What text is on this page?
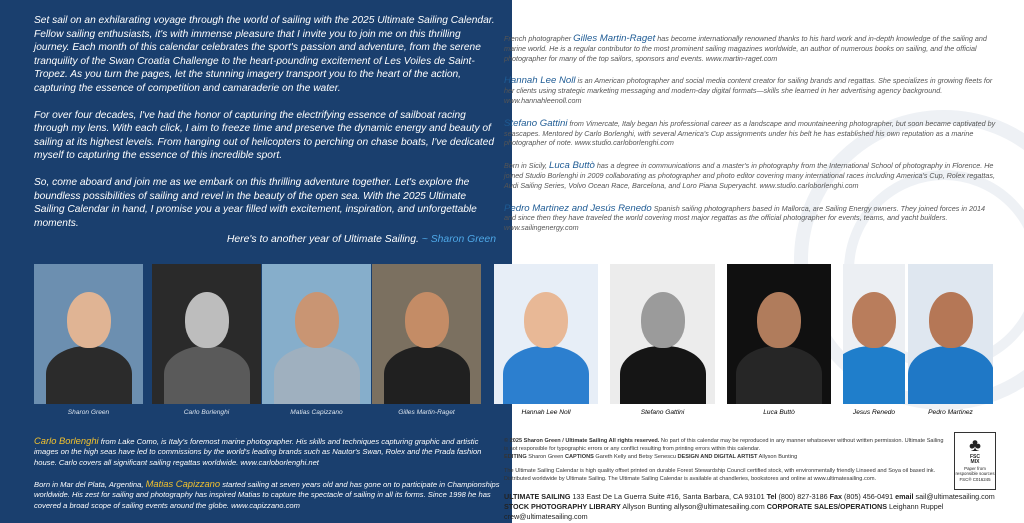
Set sail on an exhilarating voyage through the world of sailing with the 2025 Ultimate Sailing Calendar. Fellow sailing enthusiasts, it's with immense pleasure that I invite you to join me on this thrilling journey. Each month of this calendar celebrates the sport's passion and adventure, from the serene tranquility of the Swan Croatia Challenge to the heart-pounding excitement of Les Voiles de Saint-Tropez. As you turn the pages, let the stunning imagery transport you to the heart of the action, capturing the essence of competition and camaraderie on the water.

For over four decades, I've had the honor of capturing the electrifying essence of sailboat racing through my lens. With each click, I aim to freeze time and preserve the dynamic energy and beauty of sailing at its highest levels. From hanging out of helicopters to perching on chase boats, I've dedicated myself to capturing the essence of this incredible sport.

So, come aboard and join me as we embark on this thrilling adventure together. Let's explore the boundless possibilities of sailing and revel in the beauty of the open sea. With the 2025 Ultimate Sailing Calendar in hand, I promise you a year filled with excitement, inspiration, and unforgettable moments.

Here's to another year of Ultimate Sailing. ~ Sharon Green
Sharon Green	Carlo Borlenghi	Matias Capizzano	Gilles Martin-Raget
Carlo Borlenghi from Lake Como, is Italy's foremost marine photographer. His skills and techniques capturing graphic and artistic images on the high seas have led to commissions by the world's leading brands such as Nautor's Swan, Rolex and the Prada fashion house. Carlo covers all significant sailing regattas worldwide. www.carloborlenghi.net
Born in Mar del Plata, Argentina, Matias Capizzano started sailing at seven years old and has gone on to participate in Championships worldwide. His zest for sailing and photography has inspired Matias to capture the spectacle of sailing in all its forms. Since 1998 he has covered a broad scope of sailing events around the globe. www.capizzano.com
French photographer Gilles Martin-Raget has become internationally renowned thanks to his hard work and in-depth knowledge of the sailing and marine world. He is a regular contributor to the most prominent sailing magazines worldwide, an author of numerous books on sailing, and the official photographer for many of the top sailors, sponsors and events. www.martin-raget.com
Hannah Lee Noll is an American photographer and social media content creator for sailing brands and regattas. She specializes in growing fleets for her clients using strategic marketing messaging and modern-day digital formats—skills she learned in her advertising agency background. www.hannahleenoll.com
Stefano Gattini from Vimercate, Italy began his professional career as a landscape and mountaineering photographer, but soon became captivated by seascapes. Mentored by Carlo Borlenghi, with several America's Cup assignments under his belt he has established his own reputation as a marine photographer of note. www.studio.carloborlenghi.com
Born in Sicily, Luca Buttò has a degree in communications and a master's in photography from the International School of photography in Florence. He joined Studio Borlenghi in 2009 collaborating as photographer and photo editor covering many international races including America's Cup, Rolex regattas, Audi Sailing Series, Volvo Ocean Race, Barcelona, and Loro Piana Superyacht. www.studio.carloborlenghi.com
Pedro Martinez and Jesús Renedo Spanish sailing photographers based in Mallorca, are Sailing Energy owners. They joined forces in 2014 and since then they have traveled the world covering most major regattas as the official photographer for events, teams, and yacht builders. www.sailingenergy.com
Hannah Lee Noll	Stefano Gattini	Luca Buttò	Jesus Renedo	Pedro Martinez
© 2025 Sharon Green / Ultimate Sailing All rights reserved. No part of this calendar may be reproduced in any manner whatsoever without written permission. Ultimate Sailing is not responsible for typographic errors or any conflict resulting from printing errors within this calendar.
EDITING Sharon Green CAPTIONS Gareth Kelly and Betsy Senescu DESIGN AND DIGITAL ARTIST Allyson Bunting
The Ultimate Sailing Calendar is high quality offset printed on durable Forest Stewardship Council certified stock, with environmentally friendly Linseed and Soya oil based ink. Distributed worldwide by Ultimate Sailing. The Ultimate Sailing Calendar is available at chandleries, bookstores and online at www.ultimatesailing.com.
♣
FSC
MIX
Paper from responsible sources
FSC® C016245
ULTIMATE SAILING 133 East De La Guerra Suite #16, Santa Barbara, CA 93101 Tel (800) 827-3186 Fax (805) 456-0491 email sail@ultimatesailing.com
STOCK PHOTOGRAPHY LIBRARY Allyson Bunting allyson@ultimatesailing.com CORPORATE SALES/OPERATIONS Leighann Ruppel crew@ultimatesailing.com
